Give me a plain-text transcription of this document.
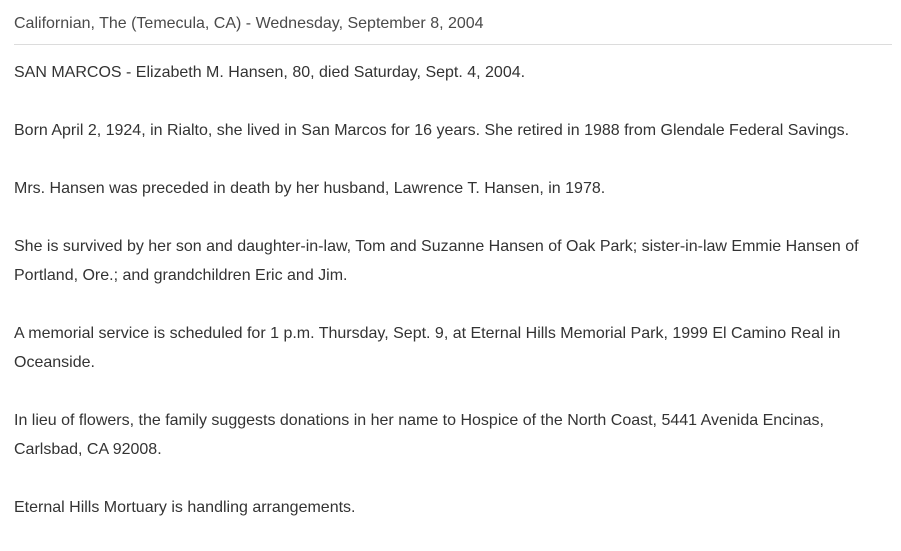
Californian, The (Temecula, CA) - Wednesday, September 8, 2004

SAN MARCOS - Elizabeth M. Hansen, 80, died Saturday, Sept. 4, 2004.

Born April 2, 1924, in Rialto, she lived in San Marcos for 16 years. She retired in 1988 from Glendale Federal Savings.

Mrs. Hansen was preceded in death by her husband, Lawrence T. Hansen, in 1978.

She is survived by her son and daughter-in-law, Tom and Suzanne Hansen of Oak Park; sister-in-law Emmie Hansen of Portland, Ore.; and grandchildren Eric and Jim.

A memorial service is scheduled for 1 p.m. Thursday, Sept. 9, at Eternal Hills Memorial Park, 1999 El Camino Real in Oceanside.

In lieu of flowers, the family suggests donations in her name to Hospice of the North Coast, 5441 Avenida Encinas, Carlsbad, CA 92008.

Eternal Hills Mortuary is handling arrangements.
